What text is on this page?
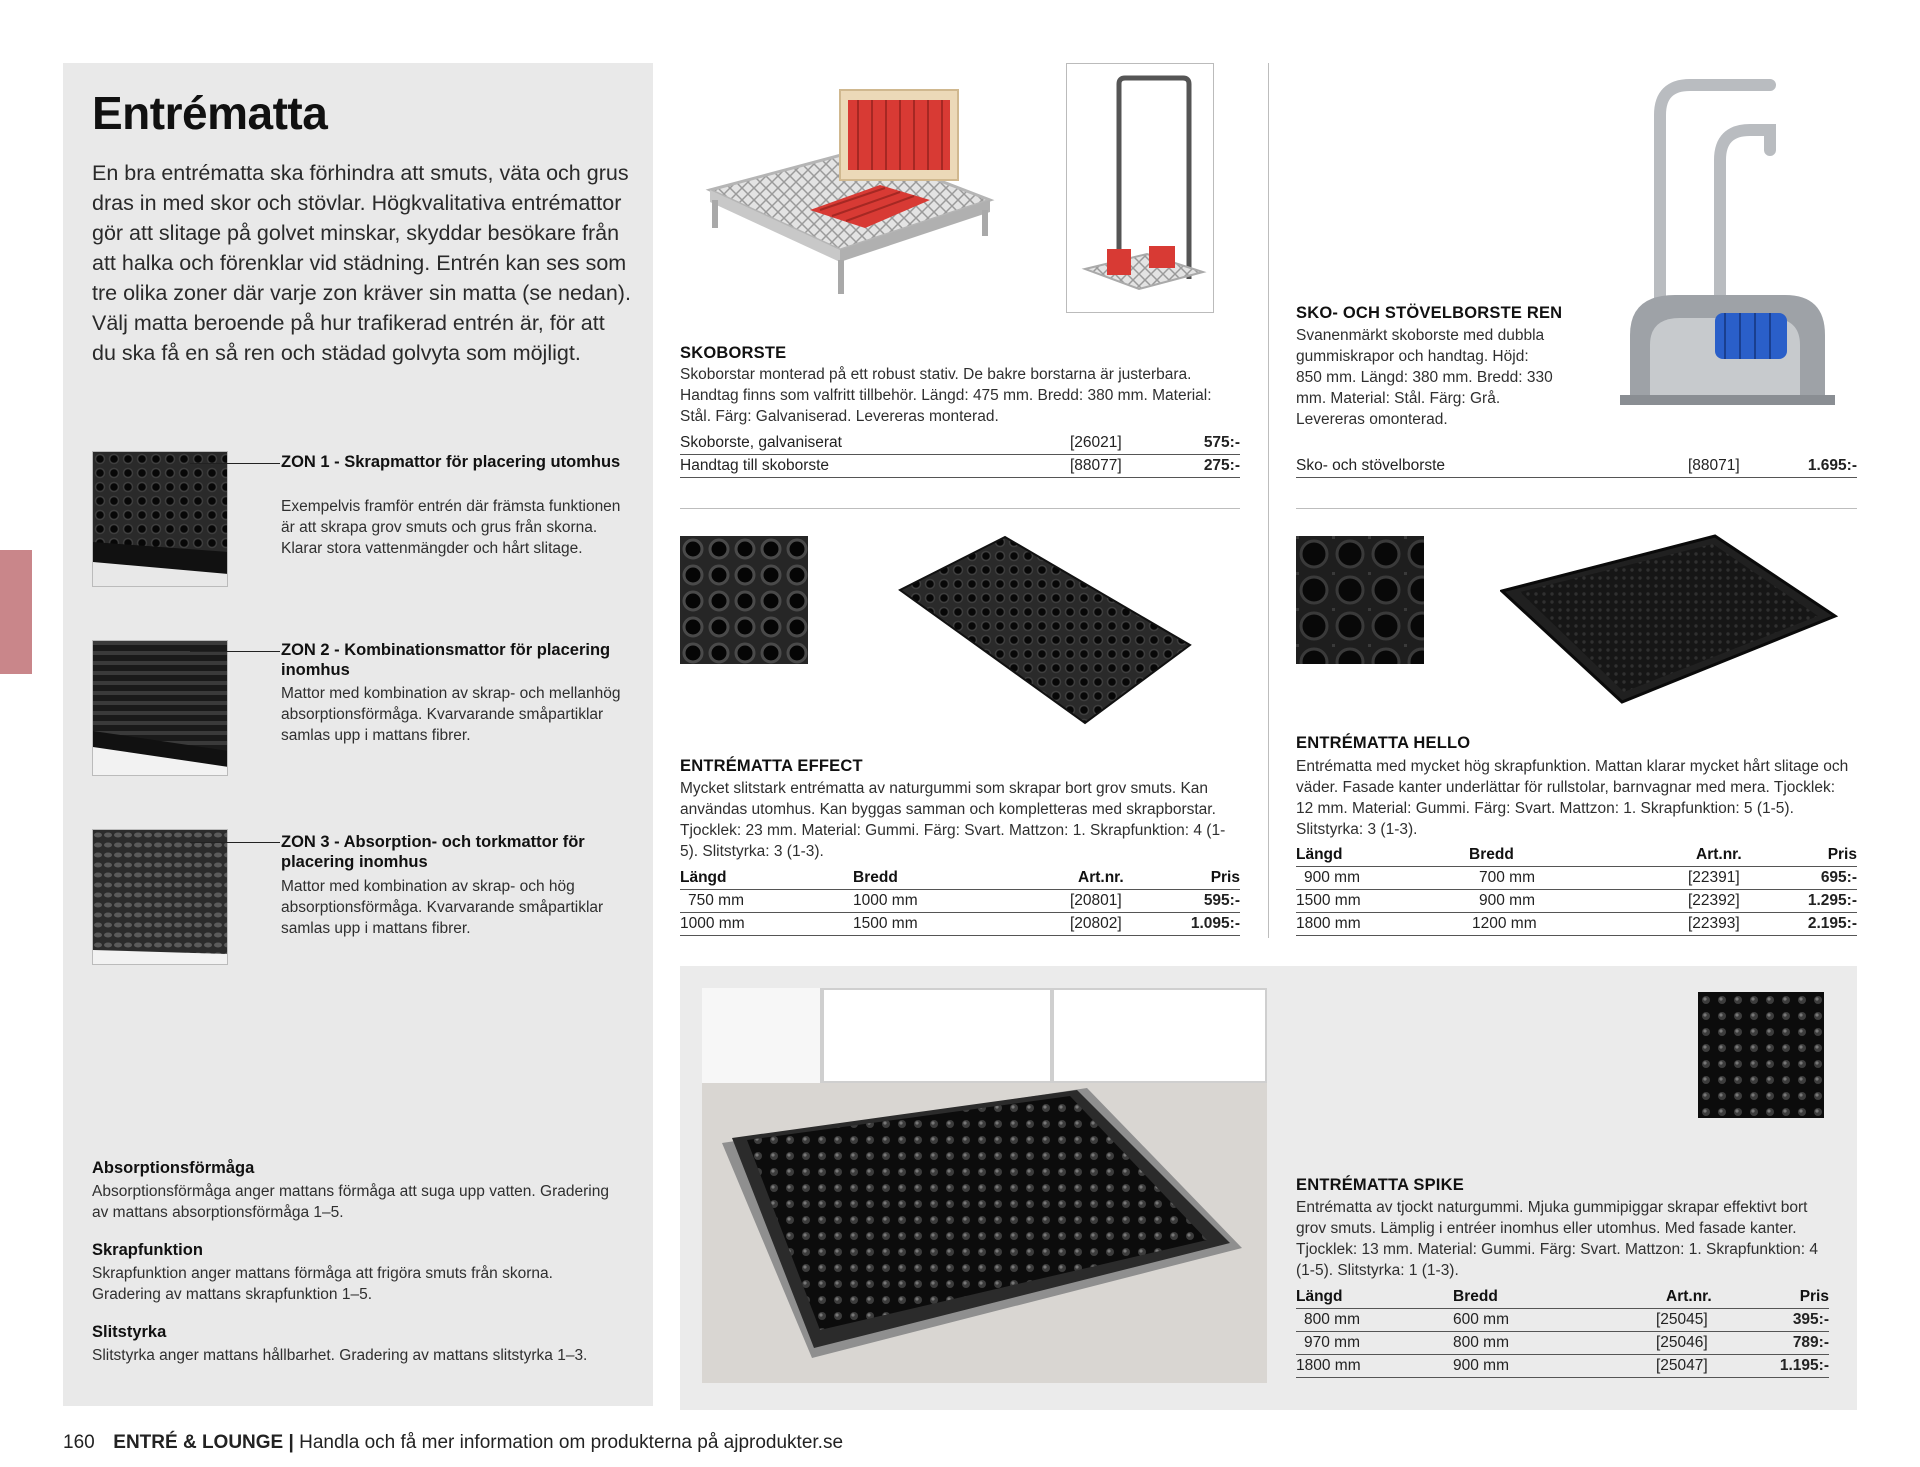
Entrématta
En bra entrématta ska förhindra att smuts, väta och grus dras in med skor och stövlar. Högkvalitativa entrémattor gör att slitage på golvet minskar, skyddar besökare från att halka och förenklar vid städning. Entrén kan ses som tre olika zoner där varje zon kräver sin matta (se nedan). Välj matta beroende på hur trafikerad entrén är, för att du ska få en så ren och städad golvyta som möjligt.
ZON 1 - Skrapmattor för placering utomhus
Exempelvis framför entrén där främsta funktionen är att skrapa grov smuts och grus från skorna. Klarar stora vattenmängder och hårt slitage.
ZON 2 - Kombinationsmattor för placering inomhus
Mattor med kombination av skrap- och mellanhög absorptionsförmåga. Kvarvarande småpartiklar samlas upp i mattans fibrer.
ZON 3 - Absorption- och torkmattor för placering inomhus
Mattor med kombination av skrap- och hög absorptionsförmåga. Kvarvarande småpartiklar samlas upp i mattans fibrer.
Absorptionsförmåga
Absorptionsförmåga anger mattans förmåga att suga upp vatten. Gradering av mattans absorptionsförmåga 1–5.
Skrapfunktion
Skrapfunktion anger mattans förmåga att frigöra smuts från skorna. Gradering av mattans skrapfunktion 1–5.
Slitstyrka
Slitstyrka anger mattans hållbarhet. Gradering av mattans slitstyrka 1–3.
SKOBORSTE
Skoborstar monterad på ett robust stativ. De bakre borstarna är justerbara. Handtag finns som valfritt tillbehör. Längd: 475 mm. Bredd: 380 mm. Material: Stål. Färg: Galvaniserad. Levereras monterad.
Skoborste, galvaniserat	[26021]	575:-
Handtag till skoborste	[88077]	275:-
SKO- OCH STÖVELBORSTE REN
Svanenmärkt skoborste med dubbla gummiskrapor och handtag. Höjd: 850 mm. Längd: 380 mm. Bredd: 330 mm. Material: Stål. Färg: Grå. Levereras omonterad.
Sko- och stövelborste	[88071]	1.695:-
ENTRÉMATTA EFFECT
Mycket slitstark entrématta av naturgummi som skrapar bort grov smuts. Kan användas utomhus. Kan byggas samman och kompletteras med skrapborstar. Tjocklek: 23 mm. Material: Gummi. Färg: Svart. Mattzon: 1. Skrapfunktion: 4 (1-5). Slitstyrka: 3 (1-3).
Längd	Bredd	Art.nr.	Pris
750 mm	1000 mm	[20801]	595:-
1000 mm	1500 mm	[20802]	1.095:-
ENTRÉMATTA HELLO
Entrématta med mycket hög skrapfunktion. Mattan klarar mycket hårt slitage och väder. Fasade kanter underlättar för rullstolar, barnvagnar med mera. Tjocklek: 12 mm. Material: Gummi. Färg: Svart. Mattzon: 1. Skrapfunktion: 5 (1-5). Slitstyrka: 3 (1-3).
Längd	Bredd	Art.nr.	Pris
900 mm	700 mm	[22391]	695:-
1500 mm	900 mm	[22392]	1.295:-
1800 mm	1200 mm	[22393]	2.195:-
ENTRÉMATTA SPIKE
Entrématta av tjockt naturgummi. Mjuka gummipiggar skrapar effektivt bort grov smuts. Lämplig i entréer inomhus eller utomhus. Med fasade kanter. Tjocklek: 13 mm. Material: Gummi. Färg: Svart. Mattzon: 1. Skrapfunktion: 4 (1-5). Slitstyrka: 1 (1-3).
Längd	Bredd	Art.nr.	Pris
800 mm	600 mm	[25045]	395:-
970 mm	800 mm	[25046]	789:-
1800 mm	900 mm	[25047]	1.195:-
160 ENTRÉ & LOUNGE | Handla och få mer information om produkterna på ajprodukter.se
